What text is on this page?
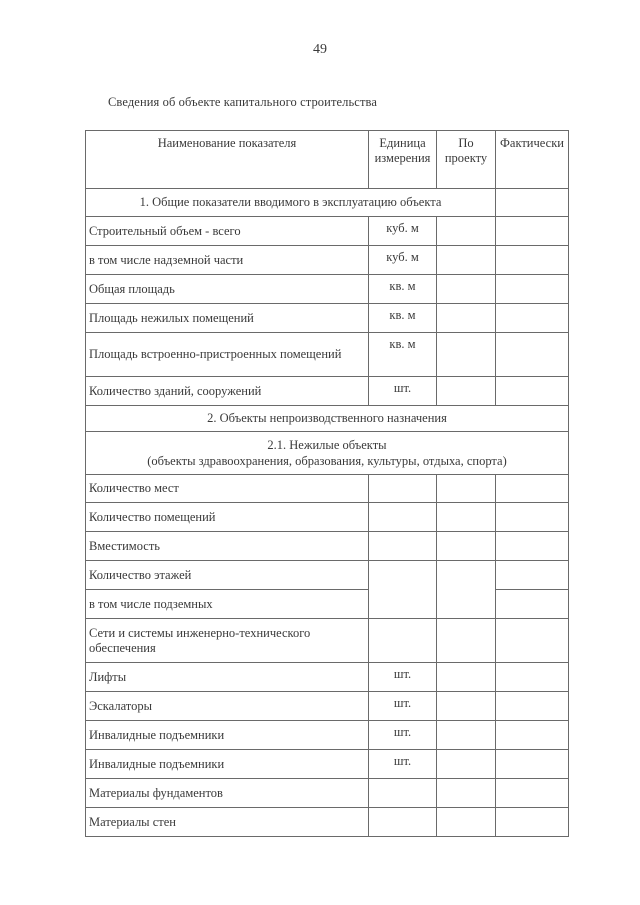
49
Сведения об объекте капитального строительства
Наименование показателя	Единица измерения	По проекту	Фактически
1. Общие показатели вводимого в эксплуатацию объекта			
Строительный объем - всего	куб. м		
в том числе надземной части	куб. м		
Общая площадь	кв. м		
Площадь нежилых помещений	кв. м		
Площадь встроенно-пристроенных помещений	кв. м		
Количество зданий, сооружений	шт.		
2. Объекты непроизводственного назначения			

2.1. Нежилые объекты
(объекты здравоохранения, образования, культуры, отдыха, спорта)			

Количество мест			
Количество помещений			
Вместимость			
Количество этажей			
в том числе подземных			
Сети и системы инженерно-технического обеспечения			
Лифты	шт.		
Эскалаторы	шт.		
Инвалидные подъемники	шт.		
Инвалидные подъемники	шт.		
Материалы фундаментов			
Материалы стен			
